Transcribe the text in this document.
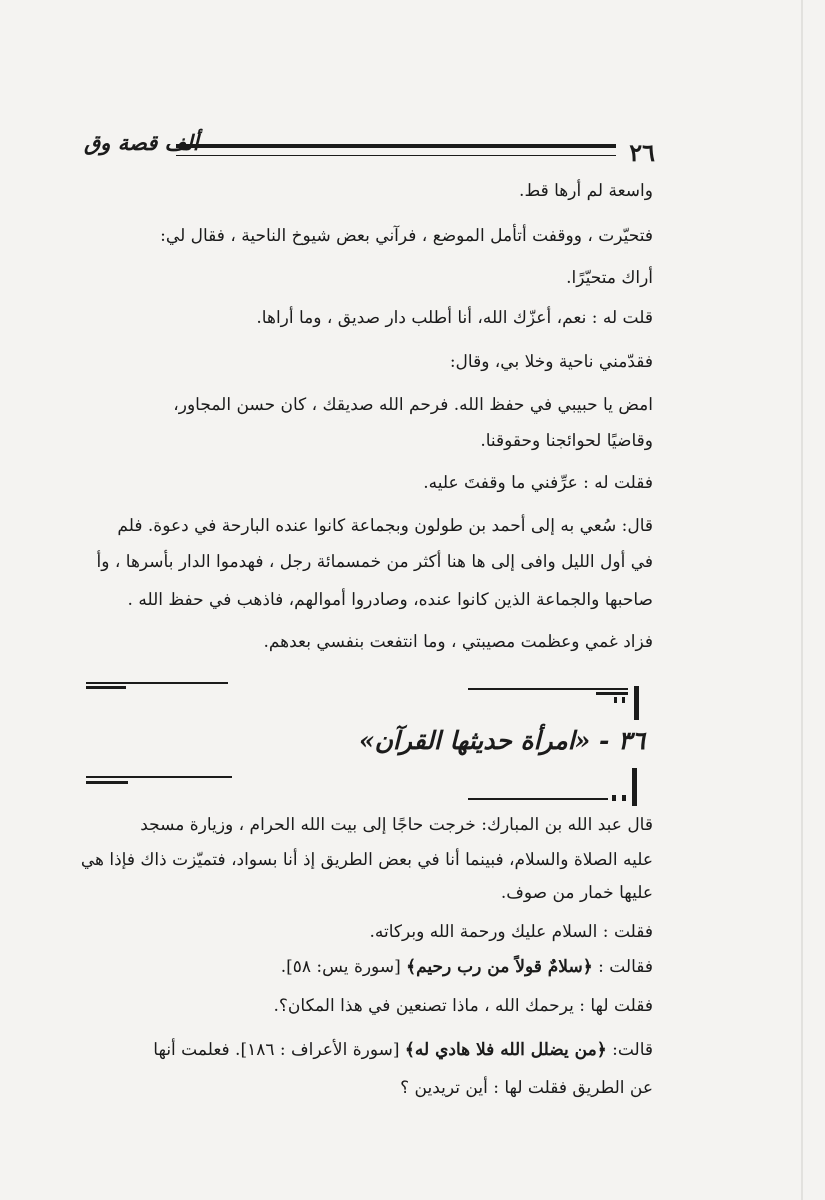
ألف قصة وق	٢٦

واسعة لم أرها قط.

فتحيّرت ، ووقفت أتأمل الموضع ، فرآني بعض شيوخ الناحية ، فقال لي:

أراك متحيّرًا.

قلت له : نعم، أعزّك الله، أنا أطلب دار صديق ، وما أراها.

فقدّمني ناحية وخلا بي، وقال:

امض يا حبيبي في حفظ الله. فرحم الله صديقك ، كان حسن المجاور،

وقاضيًا لحوائجنا وحقوقنا.

فقلت له : عرِّفني ما وقفتَ عليه.

قال: سُعي به إلى أحمد بن طولون وبجماعة كانوا عنده البارحة في دعوة. فلم

في أول الليل وافى إلى ها هنا أكثر من خمسمائة رجل ، فهدموا الدار بأسرها ، وأ

صاحبها والجماعة الذين كانوا عنده، وصادروا أموالهم، فاذهب في حفظ الله .

فزاد غمي وعظمت مصيبتي ، وما انتفعت بنفسي بعدهم.

٣٦ - «امرأة حديثها القرآن»

قال عبد الله بن المبارك: خرجت حاجًا إلى بيت الله الحرام ، وزيارة مسجد

عليه الصلاة والسلام، فبينما أنا في بعض الطريق إذ أنا بسواد، فتميّزت ذاك فإذا هي

عليها خمار من صوف.

فقلت : السلام عليك ورحمة الله وبركاته.

فقالت : ﴿سلامٌ قولاً من رب رحيم﴾ [سورة يس: ٥٨].

فقلت لها : يرحمك الله ، ماذا تصنعين في هذا المكان؟.

قالت: ﴿من يضلل الله فلا هادي له﴾ [سورة الأعراف : ١٨٦]. فعلمت أنها

عن الطريق فقلت لها : أين تريدين ؟
